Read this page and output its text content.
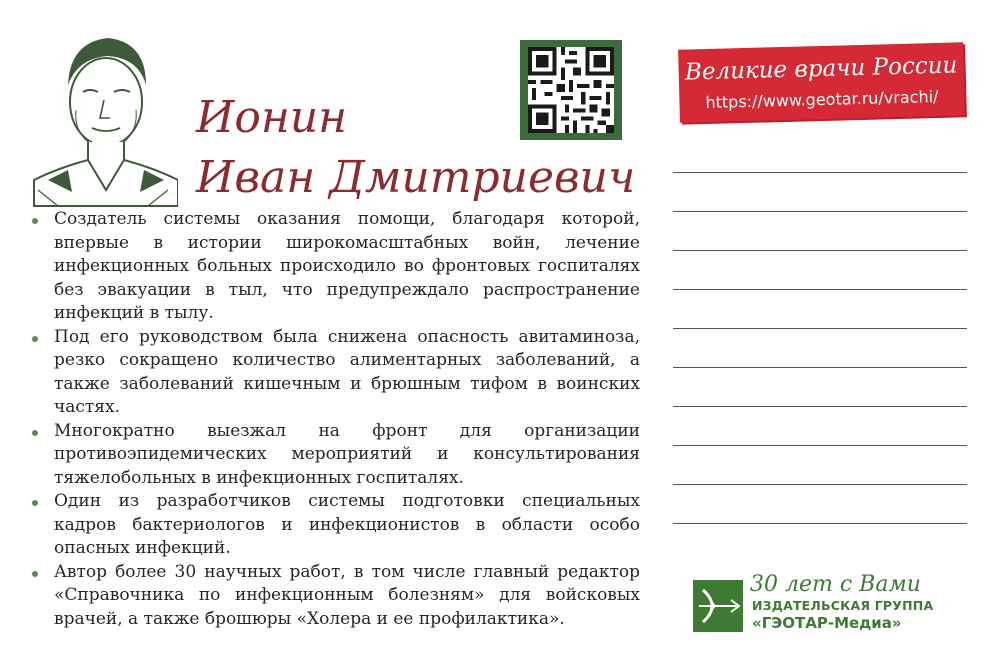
Ионин
Иван Дмитриевич
Создатель системы оказания помощи, благодаря которой, впервые в истории широкомасштабных войн, лечение инфекционных больных происходило во фронтовых госпиталях без эвакуации в тыл, что предупреждало распространение инфекций в тылу.
Под его руководством была снижена опасность авитаминоза, резко сокращено количество алиментарных заболеваний, а также заболеваний кишечным и брюшным тифом в воинских частях.
Многократно выезжал на фронт для организации противоэпидемических мероприятий и консультирования тяжелобольных в инфекционных госпиталях.
Один из разработчиков системы подготовки специальных кадров бактериологов и инфекционистов в области особо опасных инфекций.
Автор более 30 научных работ, в том числе главный редактор «Справочника по инфекционным болезням» для войсковых врачей, а также брошюры «Холера и ее профилактика».
Великие врачи России
https://www.geotar.ru/vrachi/
30 лет с Вами
ИЗДАТЕЛЬСКАЯ ГРУППА
«ГЭОТАР-Медиа»
